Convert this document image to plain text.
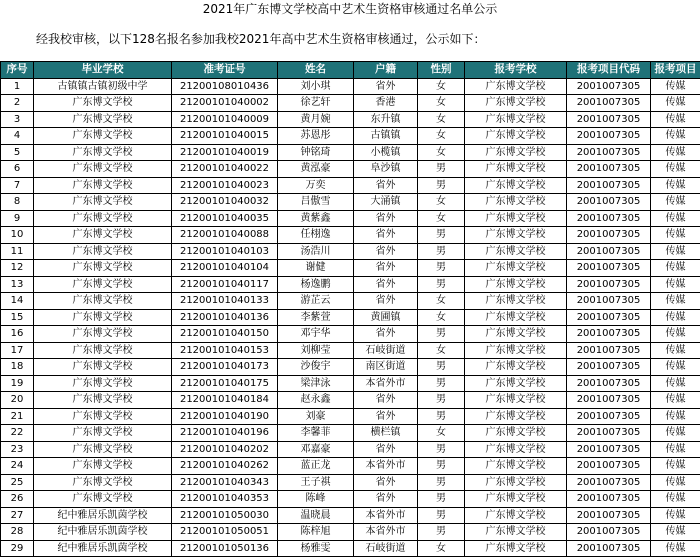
2021年广东博文学校高中艺术生资格审核通过名单公示
经我校审核，以下128名报名参加我校2021年高中艺术生资格审核通过，公示如下：
序号	毕业学校	准考证号	姓名	户籍	性别	报考学校	报考项目代码	报考项目
1	古镇镇古镇初级中学	21200108010436	刘小琪	省外	女	广东博文学校	2001007305	传媒
2	广东博文学校	21200101040002	徐艺轩	香港	女	广东博文学校	2001007305	传媒
3	广东博文学校	21200101040009	黄月婉	东升镇	女	广东博文学校	2001007305	传媒
4	广东博文学校	21200101040015	苏恩彤	古镇镇	女	广东博文学校	2001007305	传媒
5	广东博文学校	21200101040019	钟铭琦	小榄镇	女	广东博文学校	2001007305	传媒
6	广东博文学校	21200101040022	黄泓豪	阜沙镇	男	广东博文学校	2001007305	传媒
7	广东博文学校	21200101040023	万奕	省外	男	广东博文学校	2001007305	传媒
8	广东博文学校	21200101040032	吕傲雪	大涌镇	女	广东博文学校	2001007305	传媒
9	广东博文学校	21200101040035	黄紫鑫	省外	女	广东博文学校	2001007305	传媒
10	广东博文学校	21200101040088	任栩逸	省外	男	广东博文学校	2001007305	传媒
11	广东博文学校	21200101040103	汤浩川	省外	男	广东博文学校	2001007305	传媒
12	广东博文学校	21200101040104	谢健	省外	男	广东博文学校	2001007305	传媒
13	广东博文学校	21200101040117	杨逸鹏	省外	男	广东博文学校	2001007305	传媒
14	广东博文学校	21200101040133	游芷云	省外	女	广东博文学校	2001007305	传媒
15	广东博文学校	21200101040136	李紫萱	黄圃镇	女	广东博文学校	2001007305	传媒
16	广东博文学校	21200101040150	邓宇华	省外	男	广东博文学校	2001007305	传媒
17	广东博文学校	21200101040153	刘柳莹	石岐街道	女	广东博文学校	2001007305	传媒
18	广东博文学校	21200101040173	沙俊宇	南区街道	男	广东博文学校	2001007305	传媒
19	广东博文学校	21200101040175	梁津泳	本省外市	男	广东博文学校	2001007305	传媒
20	广东博文学校	21200101040184	赵永鑫	省外	男	广东博文学校	2001007305	传媒
21	广东博文学校	21200101040190	刘豪	省外	男	广东博文学校	2001007305	传媒
22	广东博文学校	21200101040196	李馨菲	横栏镇	女	广东博文学校	2001007305	传媒
23	广东博文学校	21200101040202	邓嘉豪	省外	男	广东博文学校	2001007305	传媒
24	广东博文学校	21200101040262	蓝正龙	本省外市	男	广东博文学校	2001007305	传媒
25	广东博文学校	21200101040343	王子祺	省外	男	广东博文学校	2001007305	传媒
26	广东博文学校	21200101040353	陈峰	省外	男	广东博文学校	2001007305	传媒
27	纪中雅居乐凯茵学校	21200101050030	温晓晨	本省外市	男	广东博文学校	2001007305	传媒
28	纪中雅居乐凯茵学校	21200101050051	陈梓旭	本省外市	男	广东博文学校	2001007305	传媒
29	纪中雅居乐凯茵学校	21200101050136	杨雅雯	石岐街道	女	广东博文学校	2001007305	传媒
